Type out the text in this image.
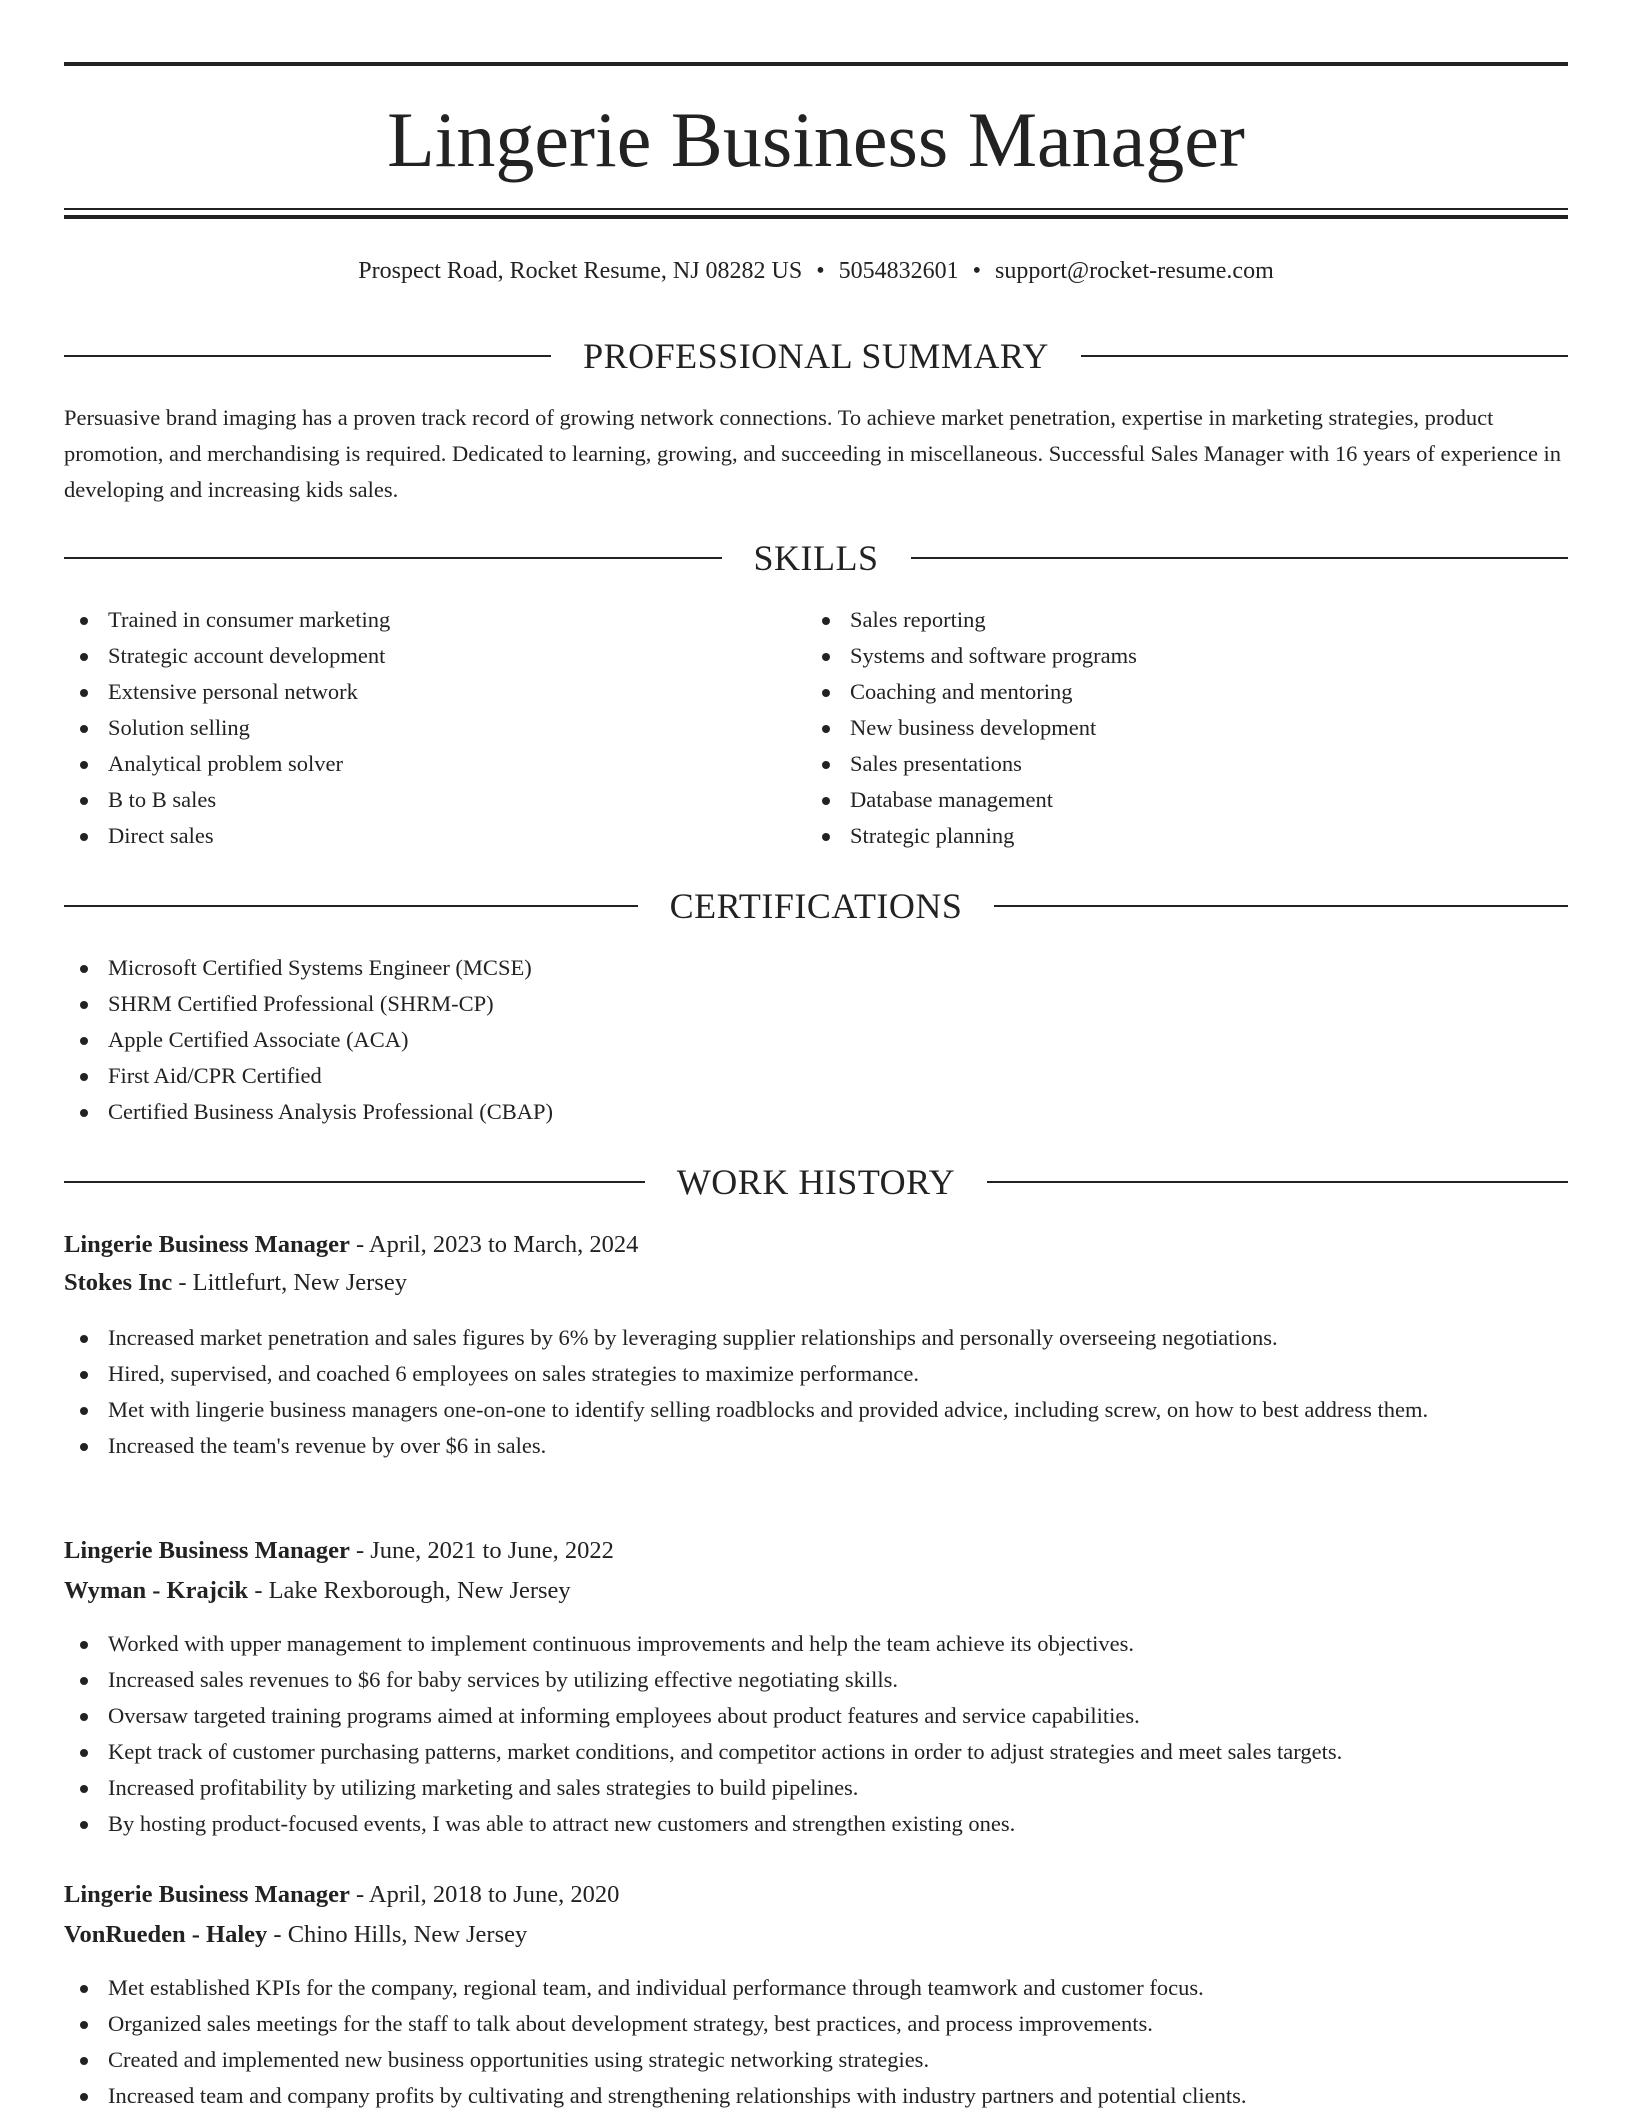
Lingerie Business Manager
Prospect Road, Rocket Resume, NJ 08282 US • 5054832601 • support@rocket-resume.com
PROFESSIONAL SUMMARY

Persuasive brand imaging has a proven track record of growing network connections. To achieve market penetration, expertise in marketing strategies, product promotion, and merchandising is required. Dedicated to learning, growing, and succeeding in miscellaneous. Successful Sales Manager with 16 years of experience in developing and increasing kids sales.

SKILLS
Trained in consumer marketing
Strategic account development
Extensive personal network
Solution selling
Analytical problem solver
B to B sales
Direct sales
Sales reporting
Systems and software programs
Coaching and mentoring
New business development
Sales presentations
Database management
Strategic planning
CERTIFICATIONS
Microsoft Certified Systems Engineer (MCSE)
SHRM Certified Professional (SHRM-CP)
Apple Certified Associate (ACA)
First Aid/CPR Certified
Certified Business Analysis Professional (CBAP)
WORK HISTORY
Lingerie Business Manager - April, 2023 to March, 2024
Stokes Inc - Littlefurt, New Jersey
Increased market penetration and sales figures by 6% by leveraging supplier relationships and personally overseeing negotiations.
Hired, supervised, and coached 6 employees on sales strategies to maximize performance.
Met with lingerie business managers one-on-one to identify selling roadblocks and provided advice, including screw, on how to best address them.
Increased the team's revenue by over $6 in sales.
Lingerie Business Manager - June, 2021 to June, 2022
Wyman - Krajcik - Lake Rexborough, New Jersey
Worked with upper management to implement continuous improvements and help the team achieve its objectives.
Increased sales revenues to $6 for baby services by utilizing effective negotiating skills.
Oversaw targeted training programs aimed at informing employees about product features and service capabilities.
Kept track of customer purchasing patterns, market conditions, and competitor actions in order to adjust strategies and meet sales targets.
Increased profitability by utilizing marketing and sales strategies to build pipelines.
By hosting product-focused events, I was able to attract new customers and strengthen existing ones.
Lingerie Business Manager - April, 2018 to June, 2020
VonRueden - Haley - Chino Hills, New Jersey
Met established KPIs for the company, regional team, and individual performance through teamwork and customer focus.
Organized sales meetings for the staff to talk about development strategy, best practices, and process improvements.
Created and implemented new business opportunities using strategic networking strategies.
Increased team and company profits by cultivating and strengthening relationships with industry partners and potential clients.
